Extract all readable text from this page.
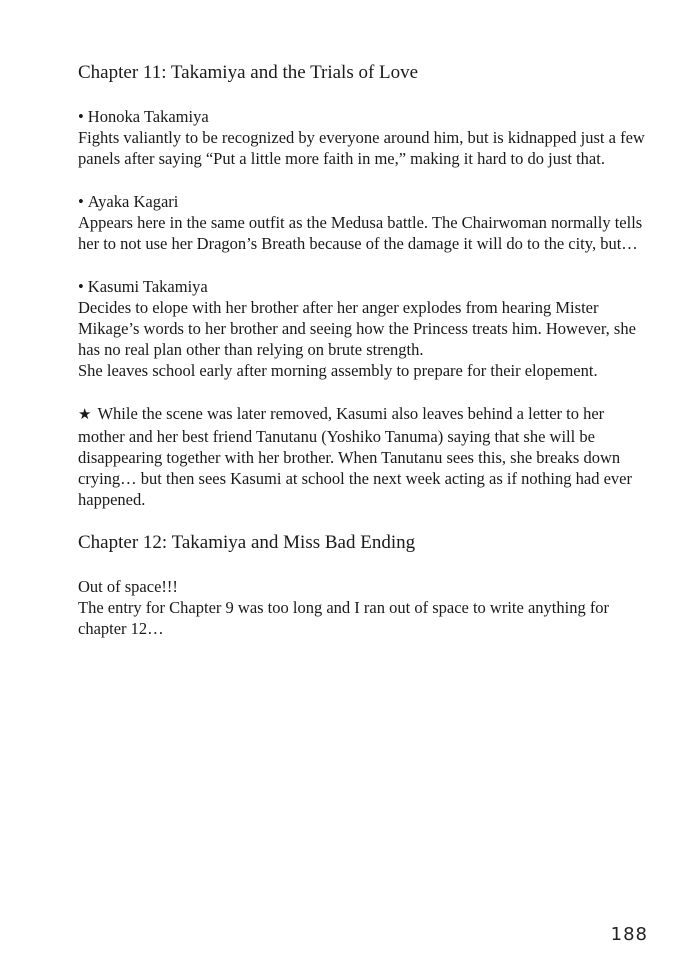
Chapter 11: Takamiya and the Trials of Love

• Honoka Takamiya

Fights valiantly to be recognized by everyone around him, but is kidnapped just a few panels after saying “Put a little more faith in me,” making it hard to do just that.

• Ayaka Kagari

Appears here in the same outfit as the Medusa battle. The Chairwoman normally tells her to not use her Dragon’s Breath because of the damage it will do to the city, but…

• Kasumi Takamiya

Decides to elope with her brother after her anger explodes from hearing Mister Mikage’s words to her brother and seeing how the Princess treats him. However, she has no real plan other than relying on brute strength.

She leaves school early after morning assembly to prepare for their elopement.

★ While the scene was later removed, Kasumi also leaves behind a letter to her mother and her best friend Tanutanu (Yoshiko Tanuma) saying that she will be disappearing together with her brother. When Tanutanu sees this, she breaks down crying… but then sees Kasumi at school the next week acting as if nothing had ever happened.

Chapter 12: Takamiya and Miss Bad Ending

Out of space!!!

The entry for Chapter 9 was too long and I ran out of space to write anything for chapter 12…

188
